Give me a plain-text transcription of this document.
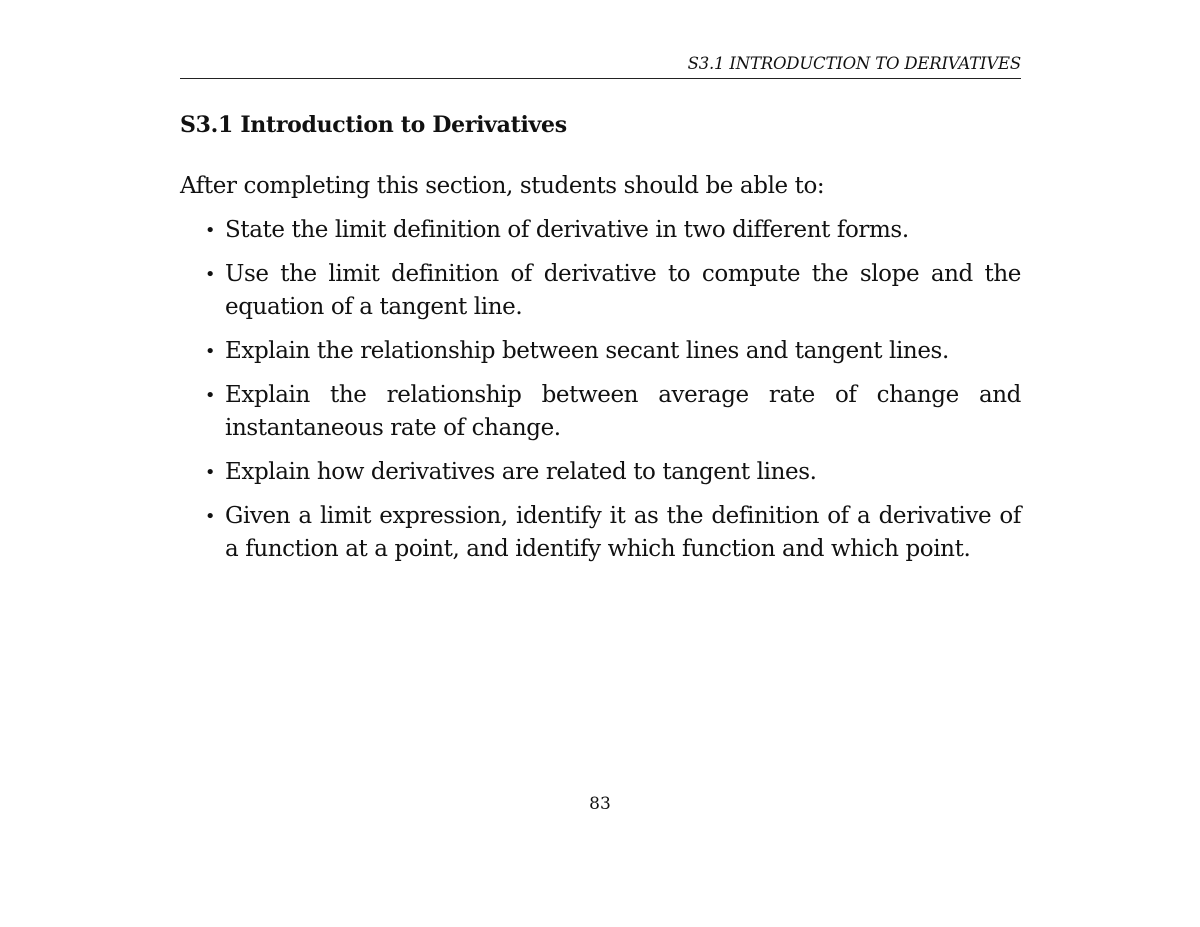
S3.1 INTRODUCTION TO DERIVATIVES
S3.1 Introduction to Derivatives

After completing this section, students should be able to:

• State the limit definition of derivative in two different forms.
• Use the limit definition of derivative to compute the slope and the equation of a tangent line.
• Explain the relationship between secant lines and tangent lines.
• Explain the relationship between average rate of change and instantaneous rate of change.
• Explain how derivatives are related to tangent lines.
• Given a limit expression, identify it as the definition of a derivative of a function at a point, and identify which function and which point.
83
